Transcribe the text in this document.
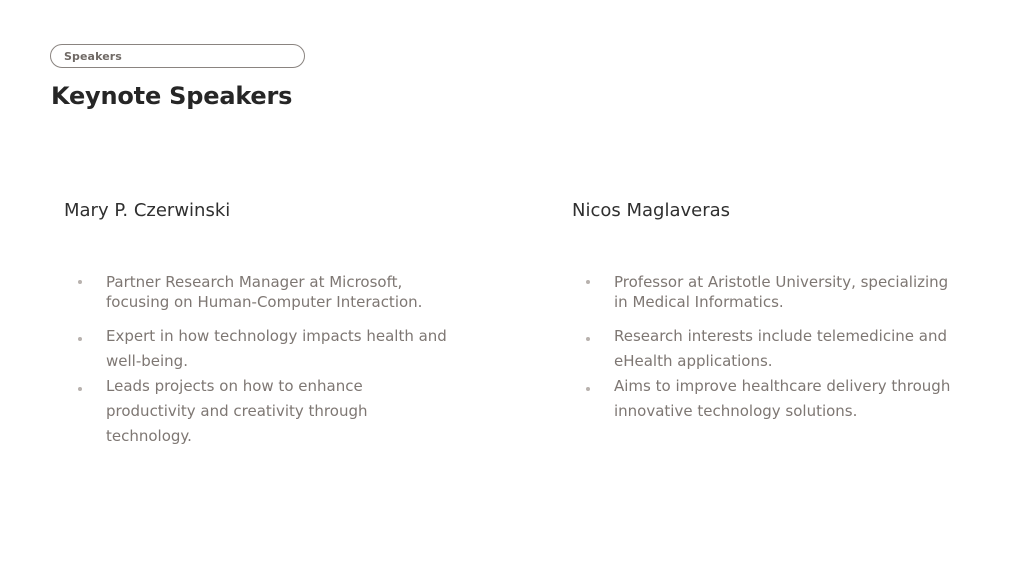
Speakers
Keynote Speakers
Mary P. Czerwinski
Partner Research Manager at Microsoft, focusing on Human-Computer Interaction.
Expert in how technology impacts health and well-being.
Leads projects on how to enhance productivity and creativity through technology.
Nicos Maglaveras
Professor at Aristotle University, specializing in Medical Informatics.
Research interests include telemedicine and eHealth applications.
Aims to improve healthcare delivery through innovative technology solutions.
